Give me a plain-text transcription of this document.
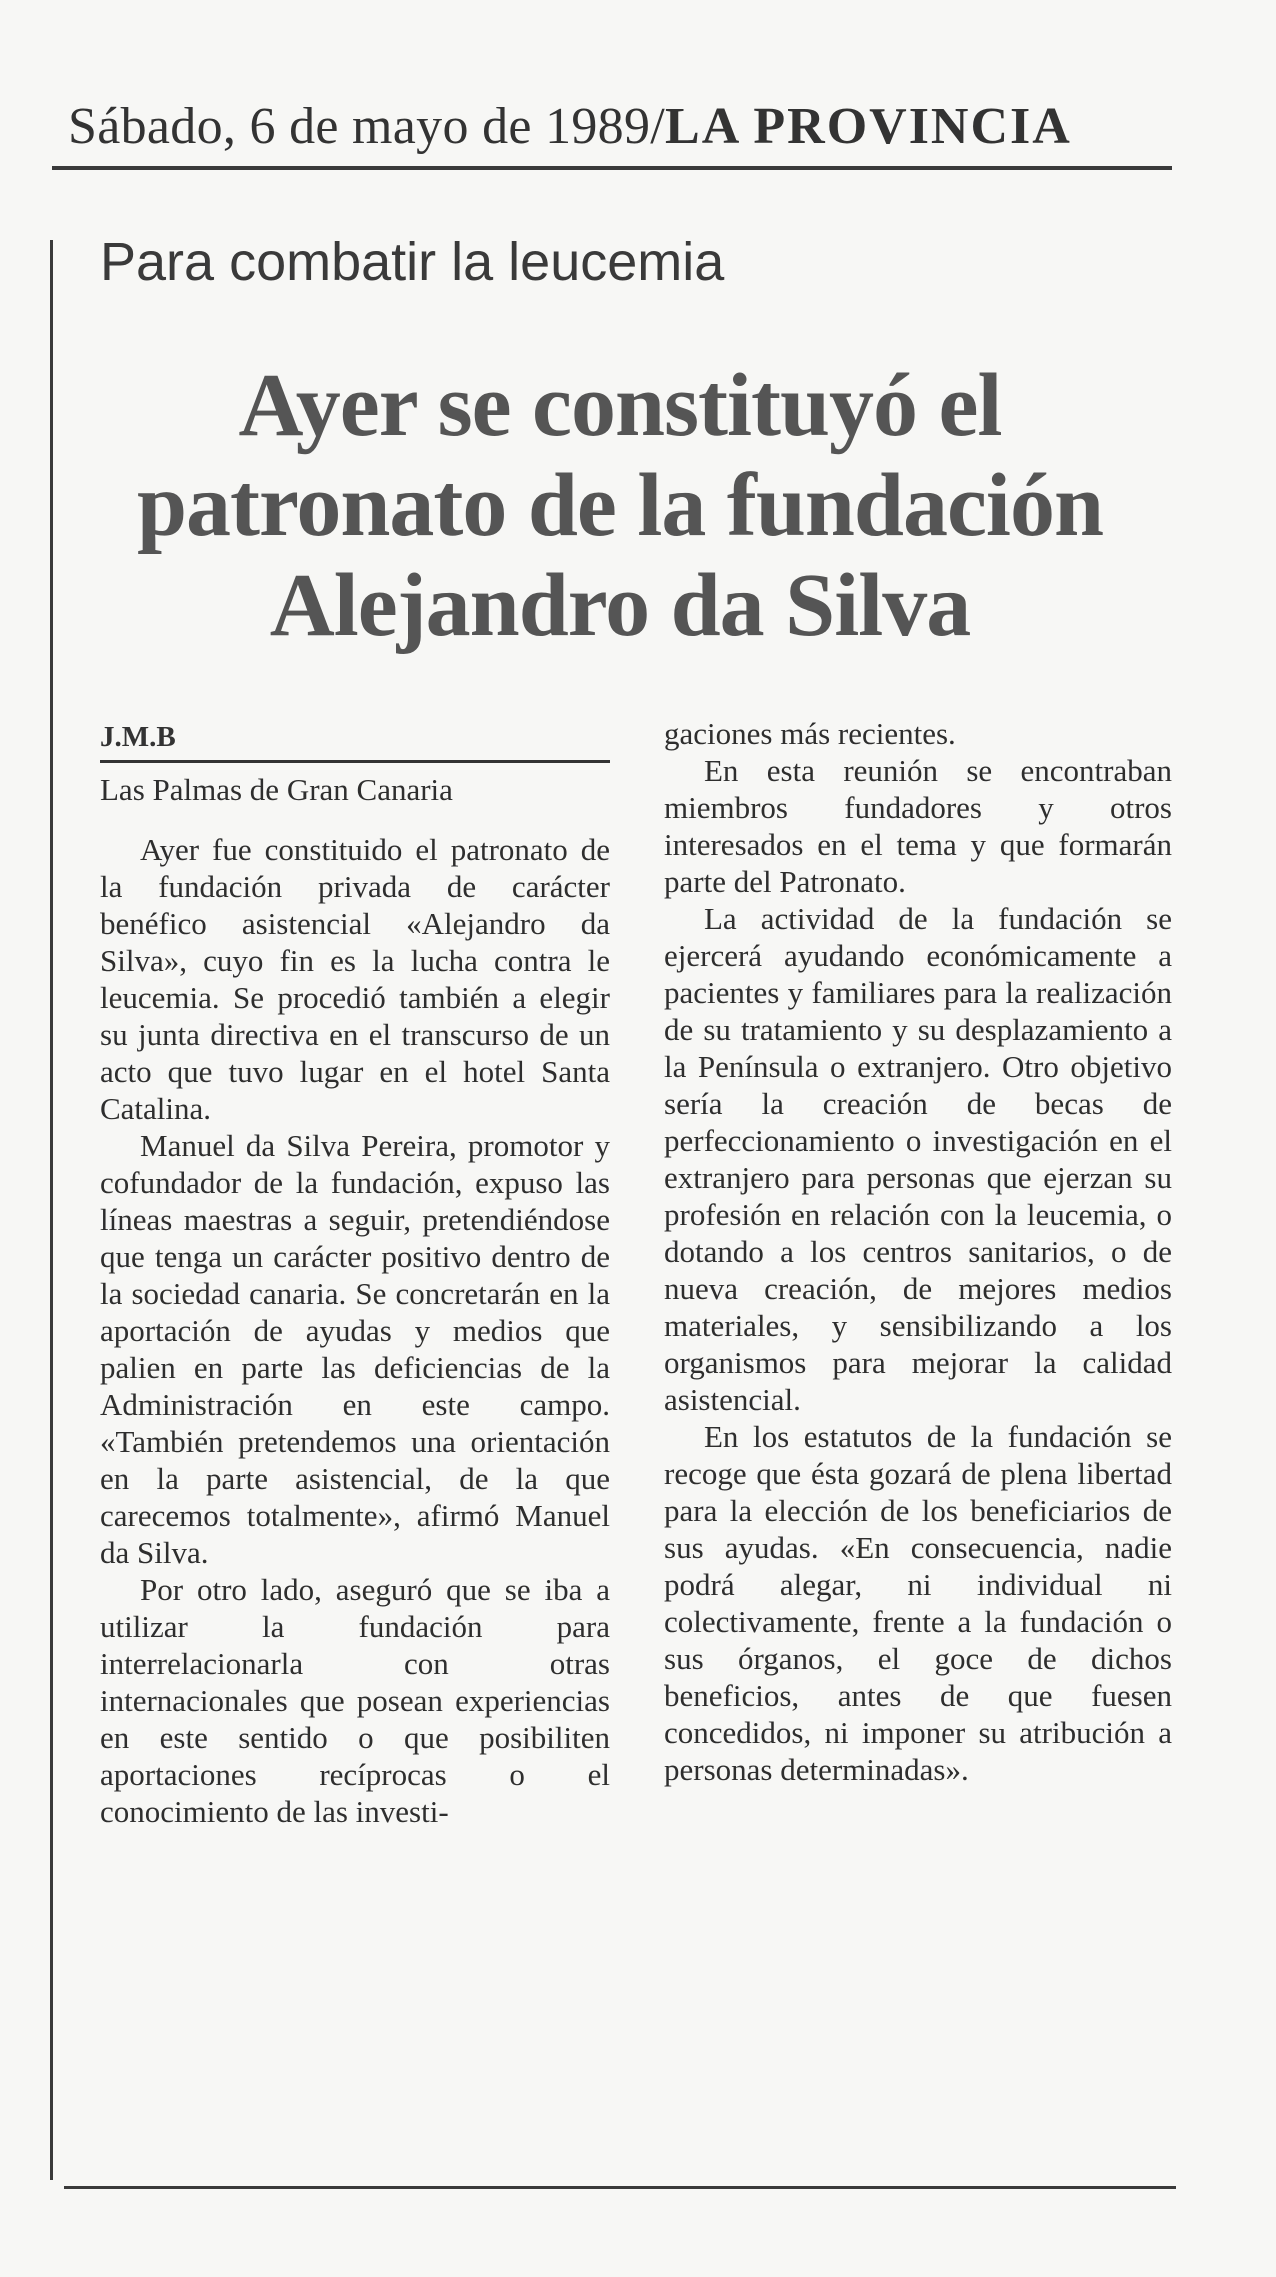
Sábado, 6 de mayo de 1989/LA PROVINCIA
Para combatir la leucemia
Ayer se constituyó el
patronato de la fundación
Alejandro da Silva
J.M.B
Las Palmas de Gran Canaria

Ayer fue constituido el patronato de la fundación privada de carácter benéfico asistencial «Alejandro da Silva», cuyo fin es la lucha contra le leucemia. Se procedió también a elegir su junta directiva en el transcurso de un acto que tuvo lugar en el hotel Santa Catalina.

Manuel da Silva Pereira, promotor y cofundador de la fundación, expuso las líneas maestras a seguir, pretendiéndose que tenga un carácter positivo dentro de la sociedad canaria. Se concretarán en la aportación de ayudas y medios que palien en parte las deficiencias de la Administración en este campo. «También pretendemos una orientación en la parte asistencial, de la que carecemos totalmente», afirmó Manuel da Silva.

Por otro lado, aseguró que se iba a utilizar la fundación para interrelacionarla con otras internacionales que posean experiencias en este sentido o que posibiliten aportaciones recíprocas o el conocimiento de las investi-

gaciones más recientes.

En esta reunión se encontraban miembros fundadores y otros interesados en el tema y que formarán parte del Patronato.

La actividad de la fundación se ejercerá ayudando económicamente a pacientes y familiares para la realización de su tratamiento y su desplazamiento a la Península o extranjero. Otro objetivo sería la creación de becas de perfeccionamiento o investigación en el extranjero para personas que ejerzan su profesión en relación con la leucemia, o dotando a los centros sanitarios, o de nueva creación, de mejores medios materiales, y sensibilizando a los organismos para mejorar la calidad asistencial.

En los estatutos de la fundación se recoge que ésta gozará de plena libertad para la elección de los beneficiarios de sus ayudas. «En consecuencia, nadie podrá alegar, ni individual ni colectivamente, frente a la fundación o sus órganos, el goce de dichos beneficios, antes de que fuesen concedidos, ni imponer su atribución a personas determinadas».
